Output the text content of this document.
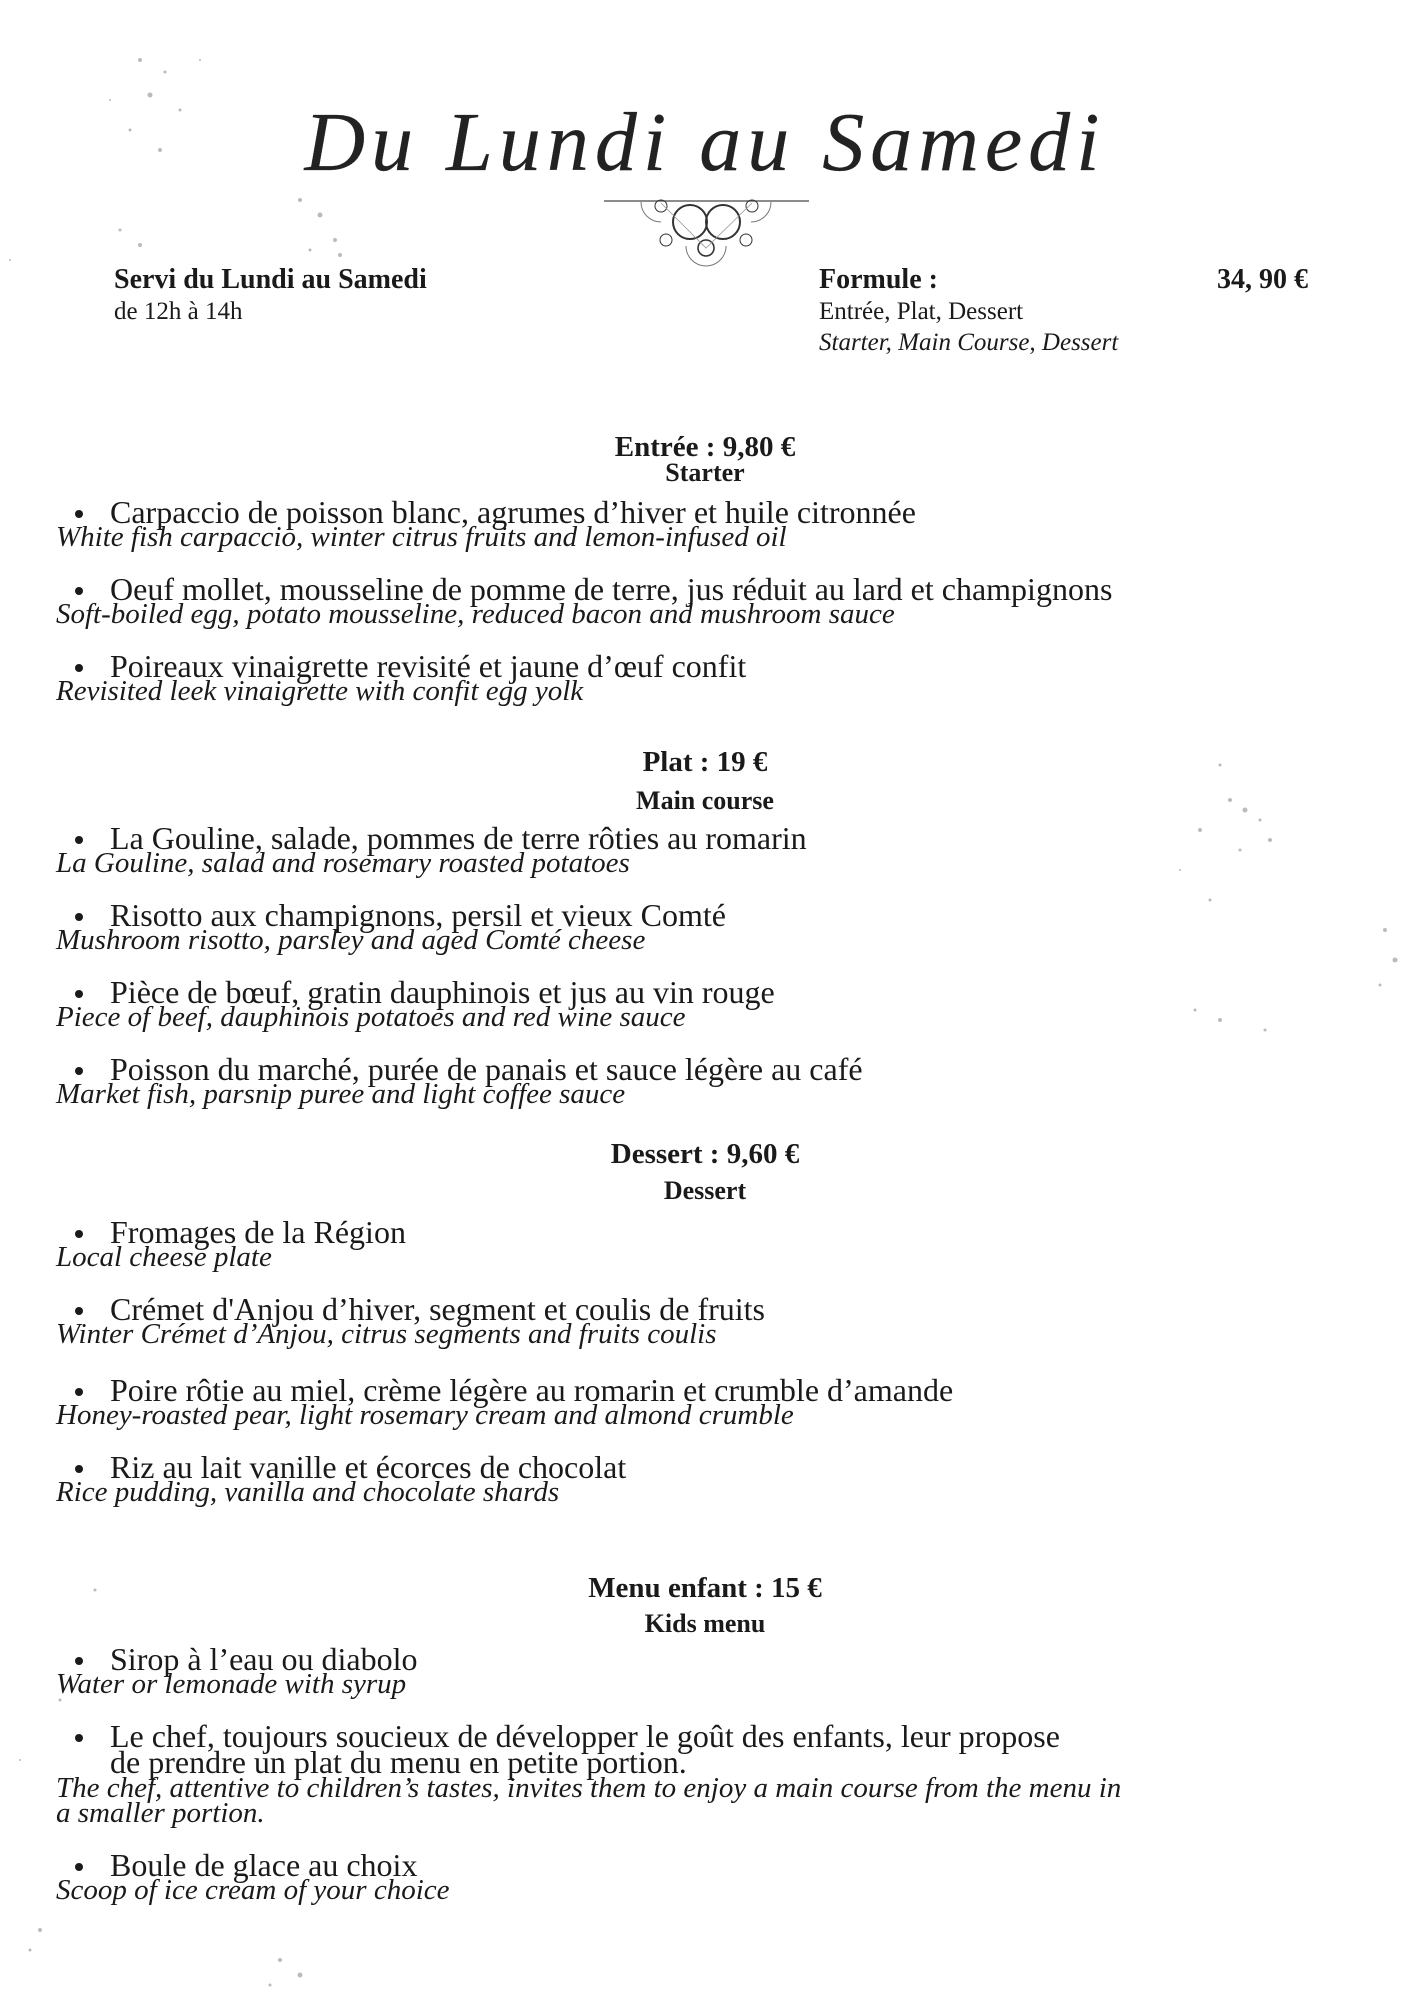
Du Lundi au Samedi
Servi du Lundi au Samedi
de 12h à 14h
Formule :
Entrée, Plat, Dessert
Starter, Main Course, Dessert
34, 90 €
Entrée : 9,80 €
Starter
Carpaccio de poisson blanc, agrumes d’hiver et huile citronnée
White fish carpaccio, winter citrus fruits and lemon-infused oil
Oeuf mollet, mousseline de pomme de terre, jus réduit au lard et champignons
Soft-boiled egg, potato mousseline, reduced bacon and mushroom sauce
Poireaux vinaigrette revisité et jaune d’œuf confit
Revisited leek vinaigrette with confit egg yolk
Plat : 19 €
Main course
La Gouline, salade, pommes de terre rôties au romarin
La Gouline, salad and rosemary roasted potatoes
Risotto aux champignons, persil et vieux Comté
Mushroom risotto, parsley and aged Comté cheese
Pièce de bœuf, gratin dauphinois et jus au vin rouge
Piece of beef, dauphinois potatoes and red wine sauce
Poisson du marché, purée de panais et sauce légère au café
Market fish, parsnip puree and light coffee sauce
Dessert : 9,60 €
Dessert
Fromages de la Région
Local cheese plate
Crémet d'Anjou d’hiver, segment et coulis de fruits
Winter Crémet d’Anjou, citrus segments and fruits coulis
Poire rôtie au miel, crème légère au romarin et crumble d’amande
Honey-roasted pear, light rosemary cream and almond crumble
Riz au lait vanille et écorces de chocolat
Rice pudding, vanilla and chocolate shards
Menu enfant : 15 €
Kids menu
Sirop à l’eau ou diabolo
Water or lemonade with syrup
Le chef, toujours soucieux de développer le goût des enfants, leur propose
de prendre un plat du menu en petite portion.
The chef, attentive to children’s tastes, invites them to enjoy a main course from the menu in
a smaller portion.
Boule de glace au choix
Scoop of ice cream of your choice
